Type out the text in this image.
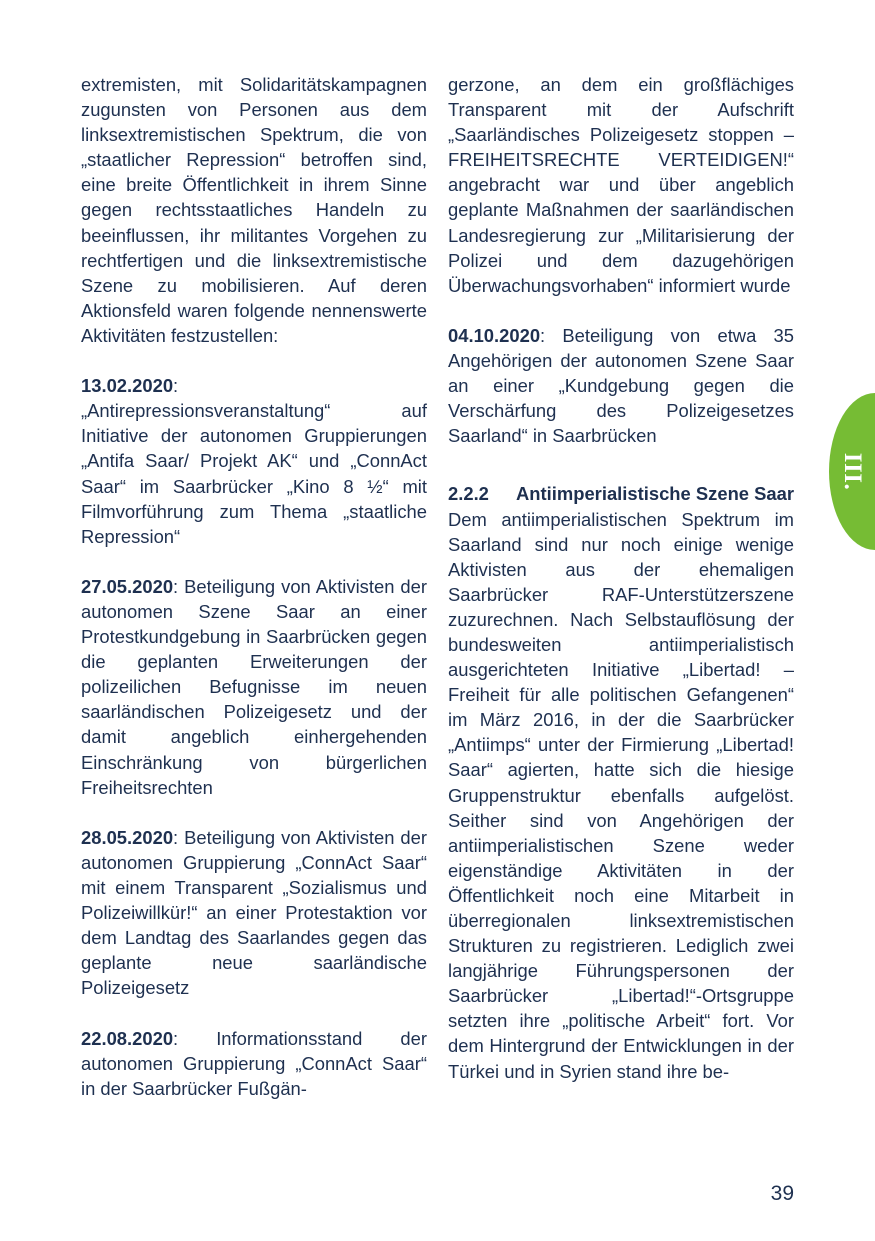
extremisten, mit Solidaritätskampagnen zugunsten von Personen aus dem linksextremistischen Spektrum, die von „staatlicher Repression“ betroffen sind, eine breite Öffentlichkeit in ihrem Sinne gegen rechtsstaatliches Handeln zu beeinflussen, ihr militantes Vorgehen zu rechtfertigen und die linksextremistische Szene zu mobilisieren. Auf deren Aktionsfeld waren folgende nennenswerte Aktivitäten festzustellen:

13.02.2020: „Antirepressionsveranstaltung“ auf Initiative der autonomen Gruppierungen „Antifa Saar/ Projekt AK“ und „ConnAct Saar“ im Saarbrücker „Kino 8 ½“ mit Filmvorführung zum Thema „staatliche Repression“

27.05.2020: Beteiligung von Aktivisten der autonomen Szene Saar an einer Protestkundgebung in Saarbrücken gegen die geplanten Erweiterungen der polizeilichen Befugnisse im neuen saarländischen Polizeigesetz und der damit angeblich einhergehenden Einschränkung von bürgerlichen Freiheitsrechten

28.05.2020: Beteiligung von Aktivisten der autonomen Gruppierung „ConnAct Saar“ mit einem Transparent „Sozialismus und Polizeiwillkür!“ an einer Protestaktion vor dem Landtag des Saarlandes gegen das geplante neue saarländische Polizeigesetz

22.08.2020: Informationsstand der autonomen Gruppierung „ConnAct Saar“ in der Saarbrücker Fußgän-

gerzone, an dem ein großflächiges Transparent mit der Aufschrift „Saarländisches Polizeigesetz stoppen – FREIHEITSRECHTE VERTEIDIGEN!“ angebracht war und über angeblich geplante Maßnahmen der saarländischen Landesregierung zur „Militarisierung der Polizei und dem dazugehörigen Überwachungsvorhaben“ informiert wurde

04.10.2020: Beteiligung von etwa 35 Angehörigen der autonomen Szene Saar an einer „Kundgebung gegen die Verschärfung des Polizeigesetzes Saarland“ in Saarbrücken

2.2.2	Antiimperialistische Szene Saar

Dem antiimperialistischen Spektrum im Saarland sind nur noch einige wenige Aktivisten aus der ehemaligen Saarbrücker RAF-Unterstützerszene zuzurechnen. Nach Selbstauflösung der bundesweiten antiimperialistisch ausgerichteten Initiative „Libertad! – Freiheit für alle politischen Gefangenen“ im März 2016, in der die Saarbrücker „Antiimps“ unter der Firmierung „Libertad! Saar“ agierten, hatte sich die hiesige Gruppenstruktur ebenfalls aufgelöst. Seither sind von Angehörigen der antiimperialistischen Szene weder eigenständige Aktivitäten in der Öffentlichkeit noch eine Mitarbeit in überregionalen linksextremistischen Strukturen zu registrieren. Lediglich zwei langjährige Führungspersonen der Saarbrücker „Libertad!“-Ortsgruppe setzten ihre „politische Arbeit“ fort. Vor dem Hintergrund der Entwicklungen in der Türkei und in Syrien stand ihre be-

III.
39
